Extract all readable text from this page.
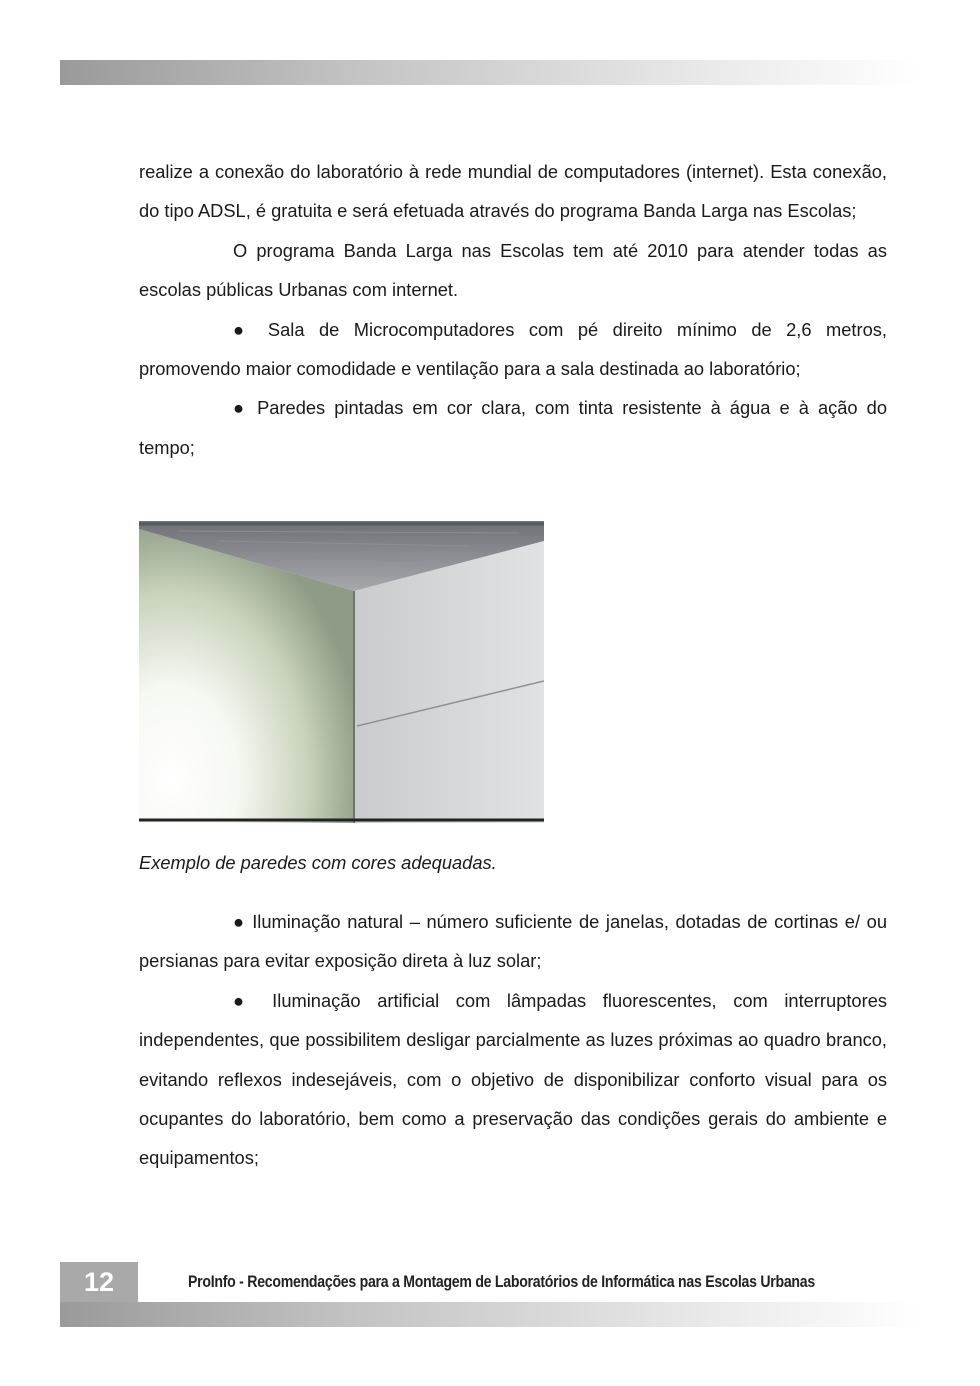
realize a conexão do laboratório à rede mundial de computadores (internet). Esta conexão, do tipo ADSL, é gratuita e será efetuada através do programa Banda Larga nas Escolas;

O programa Banda Larga nas Escolas tem até 2010 para atender todas as escolas públicas Urbanas com internet.

● Sala de Microcomputadores com pé direito mínimo de 2,6 metros, promovendo maior comodidade e ventilação para a sala destinada ao laboratório;

● Paredes pintadas em cor clara, com tinta resistente à água e à ação do tempo;

Exemplo de paredes com cores adequadas.

● Iluminação natural – número suficiente de janelas, dotadas de cortinas e/ ou persianas para evitar exposição direta à luz solar;

● Iluminação artificial com lâmpadas fluorescentes, com interruptores independentes, que possibilitem desligar parcialmente as luzes próximas ao quadro branco, evitando reflexos indesejáveis, com o objetivo de disponibilizar conforto visual para os ocupantes do laboratório, bem como a preservação das condições gerais do ambiente e equipamentos;

12	ProInfo - Recomendações para a Montagem de Laboratórios de Informática nas Escolas Urbanas
